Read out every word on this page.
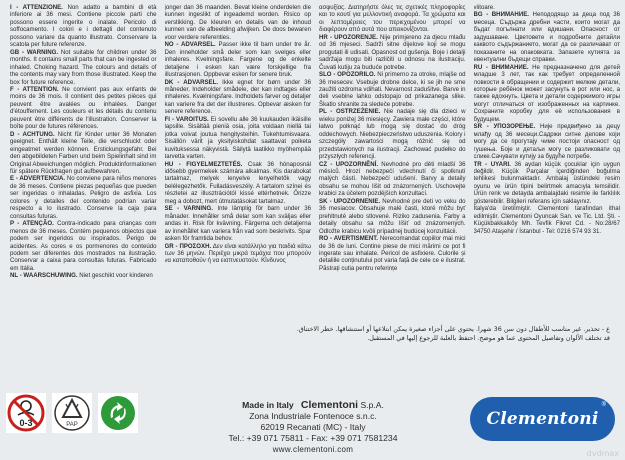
I - ATTENZIONE. Non adatto a bambini di età inferiore ai 36 mesi. Contiene piccole parti che possono essere ingerite o inalate. Pericolo di soffocamento. I colori e i dettagli del contenuto possono variare da quanto illustrato. Conservare la scatola per future referenze.

GB - WARNING. Not suitable for children under 36 months. It contains small parts that can be ingested or inhaled. Choking hazard. The colours and details of the contents may vary from those illustrated. Keep the box for future reference.

F - ATTENTION. Ne convient pas aux enfants de moins de 36 mois. Il contient des petites pièces qui peuvent être avalées ou inhalées. Danger d'étouffement. Les couleurs et les détails du contenu peuvent être différents de l'illustration. Conserver la boîte pour de futures références.

D - ACHTUNG. Nicht für Kinder unter 36 Monaten geeignet. Enthält kleine Teile, die verschluckt oder eingeatmet werden können. Erstickungsgefahr. Bei den abgebildeten Farben und beim Spielinhalt sind im Original Abweichungen möglich. Produktinformationen für spätere Rückfragen gut aufbewahren.

E - ADVERTENCIA. No conviene para niños menores de 36 meses. Contiene piezas pequeñas que pueden ser ingeridas o inhaladas. Peligro de asfixia. Los colores y detalles del contenido podrían variar respecto a lo ilustrado. Conserve la caja para consultas futuras.

P - ATENÇÃO. Contra-indicado para crianças com menos de 36 meses. Contém pequenos objectos que podem ser ingeridos ou inspirados. Perigo de acidentes. As cores e os pormenores do conteúdo podem ser diferentes dos mostrados na ilustração. Conservar a caixa para consultas futuras. Fabricado em Itália.

NL - WAARSCHUWING. Niet geschikt voor kinderen

jonger dan 36 maanden. Bevat kleine onderdelen die kunnen ingeslikt of ingeademd worden. Risico op verstikking. De kleuren en details van de inhoud kunnen van de afbeelding afwijken. De doos bewaren voor verdere referenties.

NO - ADVARSEL. Passer ikke til barn under tre år. Den inneholder små deler som kan svelges eller inhaleres. Kvelningsfare. Fargene og de enkelte detaljene i esken kan være forskjellige fra illustrasjonen. Oppbevar esken for senere bruk.

DK - ADVARSEL. Ikke egnet for børn under 36 måneder. Indeholder smådele, der kan indtages eller inhaleres. Kvælningsfare. Indholdets farver og detaljer kan variere fra det der illustreres. Opbevar æsken for senere reference.

FI - VAROITUS. Ei sovellu alle 36 kuukauden ikäisille lapsille. Sisältää pieniä osia, joita voidaan niellä tai jotka voivat joutua hengitysteihin. Tukehtumisvaara. Sisällön värit ja yksityiskohdat saattavat poiketa kuvituksessa näkyvistä. Säilytä laatikko myöhempää tarvetta varten.

HU - FIGYELMEZTETÉS. Csak 36 hónaposnál idősebb gyermekek számára alkalmas. Kis darabokat tartalmaz, melyek lenyelve lenyelhetők vagy belélegezhetők. Fulladásveszély. A tartalom színei és részletei az illusztrációtól kissé eltérhetnek. Őrizze meg a dobozt, mert útmutatásokat tartalmaz.

SE - VARNING. Inte lämplig för barn under 36 månader. Innehåller små delar som kan sväljas eller andas in. Risk för kvävning. Färgerna och detaljerna av innehållet kan variera från vad som beskrivits. Spar asken för framtida behov.

GR - ΠΡΟΣΟΧΗ. Δεν είναι κατάλληλο για παιδιά κάτω των 36 μηνών. Περιέχει μικρά τεμάχια που μπορούν να καταποθούν ή να εισπνευστούν. Κίνδυνος

ασφυξίας. Διατηρήστε όλες τις σχετικές πληροφορίες και το κουτί για μελλοντική αναφορά. Τα χρώματα και οι λεπτομέρειες του περιεχομένου μπορεί να διαφέρουν από αυτά που απεικονίζονται.

HR - UPOZORENJE. Nije primjereno za djecu mlađu od 36 mjeseci. Sadrži sitne dijelove koji se mogu progutati ili udisati. Opasnost od gušenja. Boje i detalji sadržaja mogu biti različiti u odnosu na ilustraciju. Čuvati kutiju za buduće potrebe.

SLO - OPOZORILO. Ni primerno za otroke, mlajše od 36 mesecev. Vsebuje drobne delce, ki se jih ne sme zaužiti ozdroma vdihati. Nevarnost zadušitve. Barve in deli vsebine lahko odstopajo od prikazanega slike. Škatlo shranite za sledeče potrebe.

PL - OSTRZEŻENIE. Nie nadaje się dla dzieci w wieku poniżej 36 miesięcy. Zawiera małe części, które łatwo połknąć lub mogą się dostać do dróg oddechowych. Niebezpieczeństwo uduszenia. Kolory i szczegóły zawartości mogą różnić się od przedstawionych na ilustracji. Zachować pudełko do przyszłych referencji.

CZ - UPOZORNĚNÍ. Nevhodné pro děti mladší 36 měsíců. Hrozí nebezpečí vdechnutí či spolknutí malých částí. Nebezpečí udušení. Barvy a detaily obsahu se mohou lišit od znázornených. Uschovejte krabici za účelem pozdějších konzultací.

SK - UPOZORNENIE. Nevhodné pre deti vo veku do 36 mesiacov. Obsahuje malé časti, ktoré môžu byť prehltnuté alebo stlovené. Riziko zadusenia. Farby a detaily obsahu sa môžu líšiť od znázornených. Odložte krabicu kvôli prípadnej budúcej konzultácii.

RO - AVERTISMENT. Nerecomandat copiilor mai mici de 36 de luni. Contine piese de mici mărimi ce pot fi ingerate sau inhalate. Pericol de asfixiere. Culorile și detaliile conținutului pot varia față de cele ce e ilustrat. Păstrați cutia pentru referințe

viitoare.

BG - ВНИМАНИЕ. Непододящо за деца под 36 месеца. Съдържа дребни части, които могат да бъдат погълнати или вдишани. Опасност от задушаване. Цветовете и подробните детайли каквото съдържанието, могат да се различават от показаните на опаковката. Запазете кутията за евентуални бъдещи справки.

RU - ВНИМАНИЕ. Не предназначено для детей младше 3 лет, так как требует определенной ловкости в обращении и содержит мелкие детали, которые ребёнок может засунуть в рот или нос, а также вдохнуть. Цвета и детали содержимого игры могут отличаться от изображенных на картинке. Сохраните коробку для её использования в будущем.

SR - УПОЗОРЕЊЕ. Није предвиђено за децу млађу од 36 месеци.Садржи ситне делове који могу да се прогутају чиме постоји опасност од гушења. Боје и детаљи могу се разликовати од слике.Сачувати кутију за будуће потребе.

TR - UYARI. 36 aydan küçük çocuklar için uygun değildir. Küçük Parçalar içerdiğinden boğulma tehlikesi bulunmaktadır. Ambalaj üstündeki resim oyunu ve ürün tipini belirtmek amacıyla temsilidir. Ürün renk ve detayda ambalajdaki resimle ile farklılık gösterebilir. Bilgileri referans için saklayınız.

İtalya'da üretilmiştir. Clementoni tarafından ithal edilmiştir. Clementoni Oyuncak San. ve Tic. Ltd. Şti. - Küçükbakkalköy Mh. Tevfik Fikret Cd. - No:28/67 34750 Ataşehir / İstanbul - Tel: 0216 574 93 31.

ع - تحذير. غير مناسب للأطفال دون سن 36 شهرا. يحتوي على أجزاء صغيرة يمكن ابتلاعها أو استنشاقها. خطر الاختناق.

قد تختلف الألوان وتفاصيل المحتوى عما هو موضح. احتفظ بالعلبة للرجوع إليها في المستقبل.

0-3	PAP
Made in Italy Clementoni S.p.A.
Zona Industriale Fontenoce s.n.c.
62019 Recanati (MC) - Italy
Tel.: +39 071 75811 - Fax: +39 071 7581234
www.clementoni.com
Clementoni
®
dvdmax
